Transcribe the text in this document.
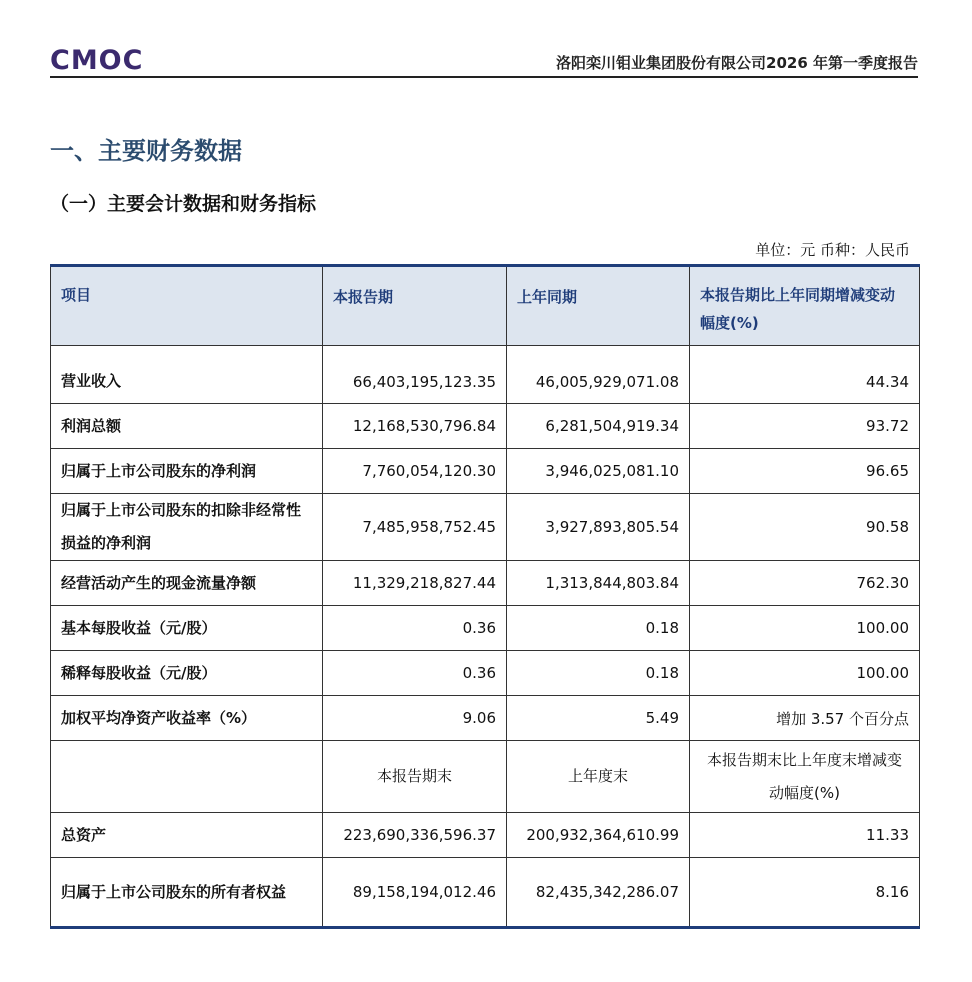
CMOC	洛阳栾川钼业集团股份有限公司2026 年第一季度报告
一、主要财务数据
（一）主要会计数据和财务指标
单位：元 币种：人民币
项目	本报告期	上年同期	本报告期比上年同期增减变动幅度(%)
营业收入	66,403,195,123.35	46,005,929,071.08	44.34
利润总额	12,168,530,796.84	6,281,504,919.34	93.72
归属于上市公司股东的净利润	7,760,054,120.30	3,946,025,081.10	96.65
归属于上市公司股东的扣除非经常性损益的净利润	7,485,958,752.45	3,927,893,805.54	90.58
经营活动产生的现金流量净额	11,329,218,827.44	1,313,844,803.84	762.30
基本每股收益（元/股）	0.36	0.18	100.00
稀释每股收益（元/股）	0.36	0.18	100.00
加权平均净资产收益率（%）	9.06	5.49	增加 3.57 个百分点
	本报告期末	上年度末	本报告期末比上年度末增减变动幅度(%)
总资产	223,690,336,596.37	200,932,364,610.99	11.33
归属于上市公司股东的所有者权益	89,158,194,012.46	82,435,342,286.07	8.16
